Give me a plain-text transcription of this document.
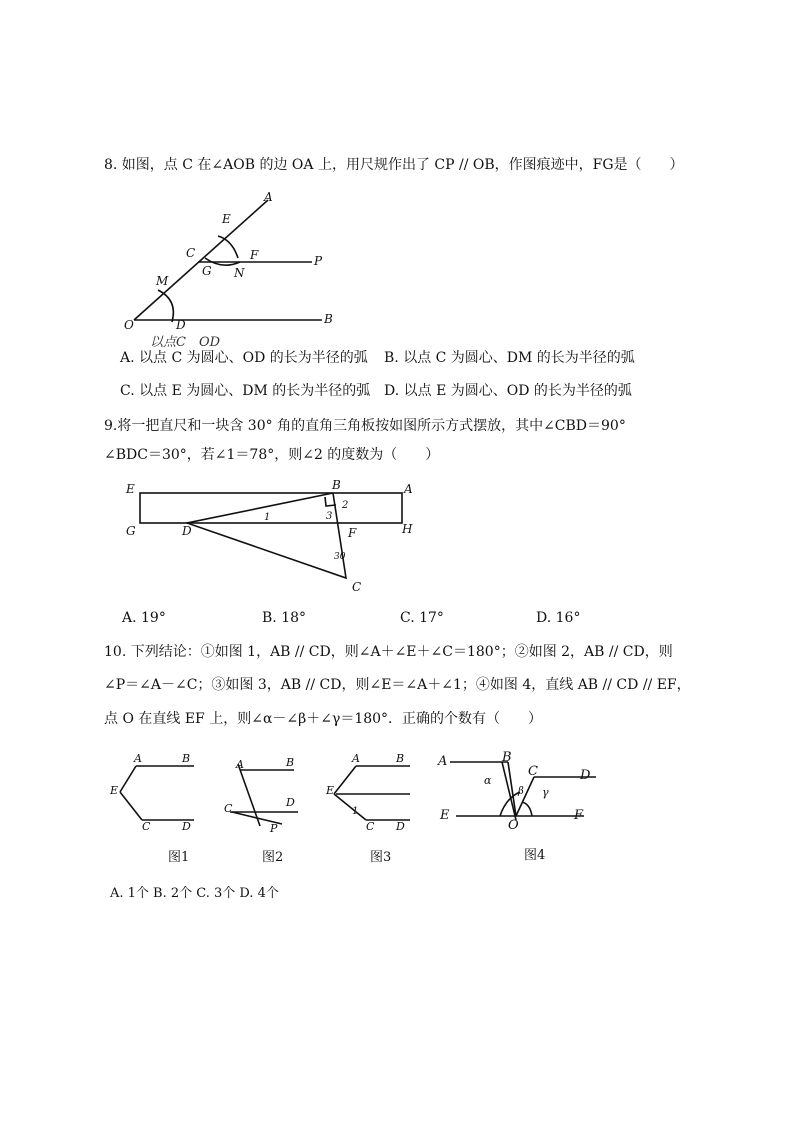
8. 如图，点 C 在∠AOB 的边 OA 上，用尺规作出了 CP // OB，作图痕迹中，FG是（　　）
A
E
C
G
F
N
P
M
O	D	B
以点C　OD
A. 以点 C 为圆心、OD 的长为半径的弧 B. 以点 C 为圆心、DM 的长为半径的弧
C. 以点 E 为圆心、DM 的长为半径的弧 D. 以点 E 为圆心、OD 的长为半径的弧
9.将一把直尺和一块含 30° 角的直角三角板按如图所示方式摆放，其中∠CBD＝90°
∠BDC＝30°，若∠1＝78°，则∠2 的度数为（　　）
E	B	A
G	D	F	H
C
1
2
3
30
A. 19°	B. 18°	C. 17°	D. 16°
10. 下列结论：①如图 1，AB // CD，则∠A＋∠E＋∠C＝180°；②如图 2，AB // CD，则
∠P＝∠A－∠C；③如图 3，AB // CD，则∠E＝∠A＋∠1；④如图 4，直线 AB // CD // EF，
点 O 在直线 EF 上，则∠α－∠β＋∠γ＝180°．正确的个数有（　　）
A	B
E
C	D
A	B
C	D
P
A	B
E
1
C D
A	B
α
C	D
β γ
E
O
F
图1	图2	图3	图4
A. 1个 B. 2个 C. 3个 D. 4个
